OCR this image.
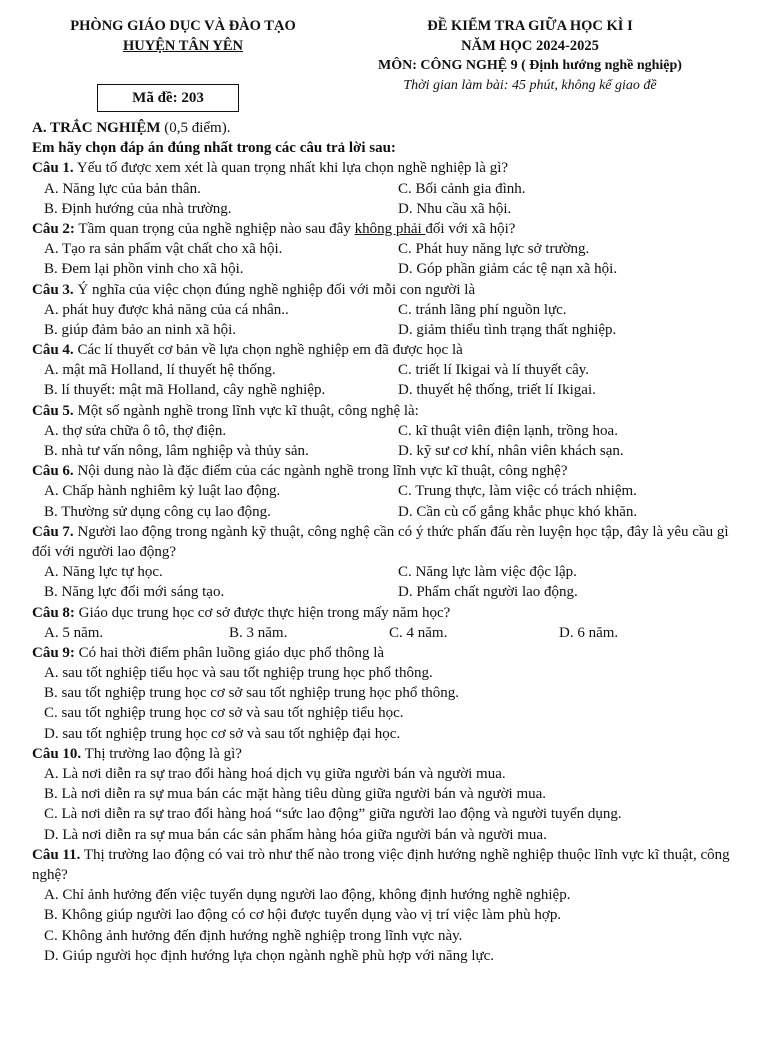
PHÒNG GIÁO DỤC VÀ ĐÀO TẠO
HUYỆN TÂN YÊN
ĐỀ KIỂM TRA GIỮA HỌC KÌ I
NĂM HỌC 2024-2025
MÔN: CÔNG NGHỆ 9 ( Định hướng nghề nghiệp)
Thời gian làm bài: 45 phút, không kể giao đề
Mã đề: 203
A. TRẮC NGHIỆM (0,5 điểm).
Em hãy chọn đáp án đúng nhất trong các câu trả lời sau:
Câu 1. Yếu tố được xem xét là quan trọng nhất khi lựa chọn nghề nghiệp là gì?
A. Năng lực của bản thân.	C. Bối cảnh gia đình.
B. Định hướng của nhà trường.	D. Nhu cầu xã hội.
Câu 2: Tầm quan trọng của nghề nghiệp nào sau đây không phải đối với xã hội?
A. Tạo ra sản phẩm vật chất cho xã hội.	C. Phát huy năng lực sở trường.
B. Đem lại phồn vinh cho xã hội.	D. Góp phần giảm các tệ nạn xã hội.
Câu 3. Ý nghĩa của việc chọn đúng nghề nghiệp đối với mỗi con người là
A. phát huy được khả năng của cá nhân..	C. tránh lãng phí nguồn lực.
B. giúp đảm bảo an ninh xã hội.	D. giảm thiểu tình trạng thất nghiệp.
Câu 4. Các lí thuyết cơ bản về lựa chọn nghề nghiệp em đã được học là
A. mật mã Holland, lí thuyết hệ thống.	C. triết lí Ikigai và lí thuyết cây.
B. lí thuyết: mật mã Holland, cây nghề nghiệp.	D. thuyết hệ thống, triết lí Ikigai.
Câu 5. Một số ngành nghề trong lĩnh vực kĩ thuật, công nghệ là:
A. thợ sửa chữa ô tô, thợ điện.	C. kĩ thuật viên điện lạnh, trồng hoa.
B. nhà tư vấn nông, lâm nghiệp và thủy sản.	D. kỹ sư cơ khí, nhân viên khách sạn.
Câu 6. Nội dung nào là đặc điểm của các ngành nghề trong lĩnh vực kĩ thuật, công nghệ?
A. Chấp hành nghiêm kỷ luật lao động.	C. Trung thực, làm việc có trách nhiệm.
B. Thường sử dụng công cụ lao động.	D. Cần cù cố gắng khắc phục khó khăn.
Câu 7. Người lao động trong ngành kỹ thuật, công nghệ cần có ý thức phấn đấu rèn luyện học tập, đây là yêu cầu gì đối với người lao động?
A. Năng lực tự học.	C. Năng lực làm việc độc lập.
B. Năng lực đổi mới sáng tạo.	D. Phẩm chất người lao động.
Câu 8: Giáo dục trung học cơ sở được thực hiện trong mấy năm học?
A. 5 năm.	B. 3 năm.	C. 4 năm.	D. 6 năm.
Câu 9: Có hai thời điểm phân luồng giáo dục phổ thông là
A. sau tốt nghiệp tiểu học và sau tốt nghiệp trung học phổ thông.
B. sau tốt nghiệp trung học cơ sở sau tốt nghiệp trung học phổ thông.
C. sau tốt nghiệp trung học cơ sở và sau tốt nghiệp tiểu học.
D. sau tốt nghiệp trung học cơ sở và sau tốt nghiệp đại học.
Câu 10. Thị trường lao động là gì?
A. Là nơi diễn ra sự trao đổi hàng hoá dịch vụ giữa người bán và người mua.
B. Là nơi diễn ra sự mua bán các mặt hàng tiêu dùng giữa người bán và người mua.
C. Là nơi diễn ra sự trao đổi hàng hoá “sức lao động” giữa người lao động và người tuyển dụng.
D. Là nơi diễn ra sự mua bán các sản phẩm hàng hóa giữa người bán và người mua.
Câu 11. Thị trường lao động có vai trò như thế nào trong việc định hướng nghề nghiệp thuộc lĩnh vực kĩ thuật, công nghệ?
A. Chỉ ảnh hưởng đến việc tuyển dụng người lao động, không định hướng nghề nghiệp.
B. Không giúp người lao động có cơ hội được tuyển dụng vào vị trí việc làm phù hợp.
C. Không ảnh hưởng đến định hướng nghề nghiệp trong lĩnh vực này.
D. Giúp người học định hướng lựa chọn ngành nghề phù hợp với năng lực.
